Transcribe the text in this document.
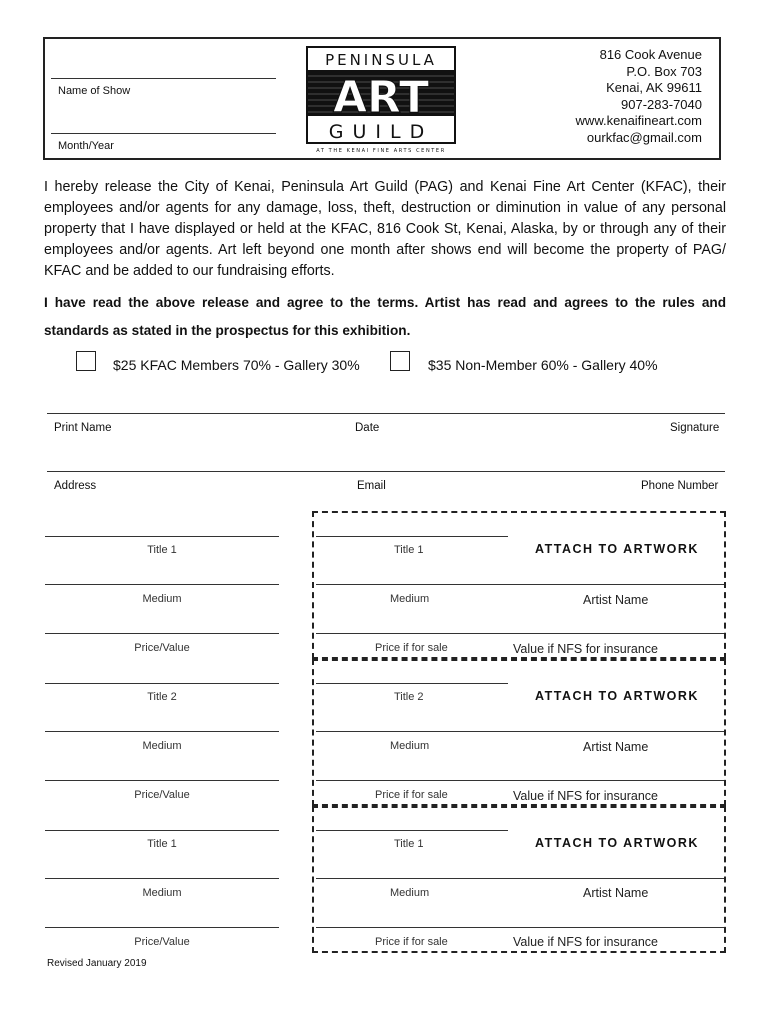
Name of Show
Month/Year
PENINSULA
ART
GUILD
AT THE KENAI FINE ARTS CENTER
816 Cook Avenue
P.O. Box 703
Kenai, AK 99611
907-283-7040
www.kenaifineart.com
ourkfac@gmail.com
I hereby release the City of Kenai, Peninsula Art Guild (PAG) and Kenai Fine Art Center (KFAC), their employees and/or agents for any damage, loss, theft, destruction or diminution in value of any personal property that I have displayed or held at the KFAC, 816 Cook St, Kenai, Alaska, by or through any of their employees and/or agents. Art left beyond one month after shows end will become the property of PAG/ KFAC and be added to our fundraising efforts.
I have read the above release and agree to the terms. Artist has read and agrees to the rules and standards as stated in the prospectus for this exhibition.
$25 KFAC Members 70% - Gallery 30%	$35 Non-Member 60% - Gallery 40%
Print Name	Date	Signature
Address	Email	Phone Number
Title 1
Medium
Price/Value
Title 1	ATTACH TO ARTWORK
Medium	Artist Name
Price if for sale	Value if NFS for insurance
Title 2
Medium
Price/Value
Title 2	ATTACH TO ARTWORK
Medium	Artist Name
Price if for sale	Value if NFS for insurance
Title 1
Medium
Price/Value
Title 1	ATTACH TO ARTWORK
Medium	Artist Name
Price if for sale	Value if NFS for insurance
Revised January 2019
